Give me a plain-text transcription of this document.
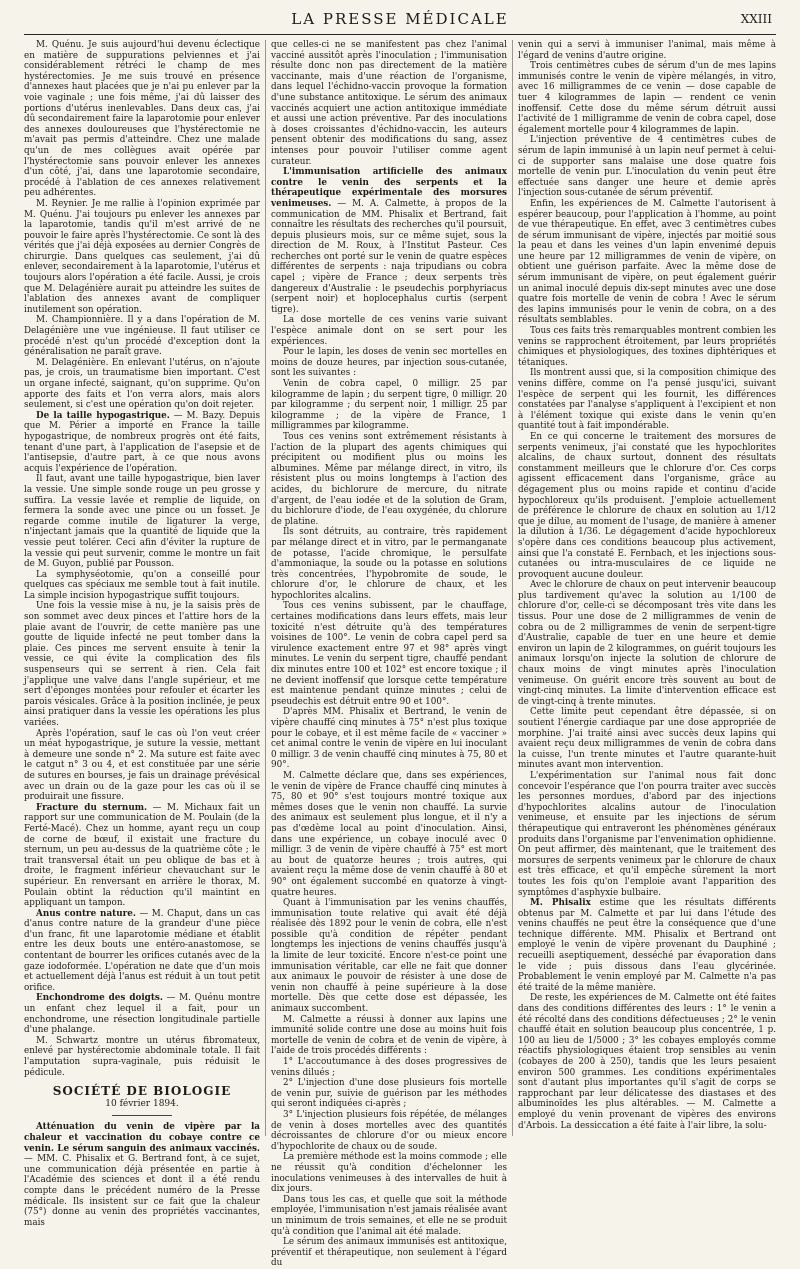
LA PRESSE MÉDICALE	XXIII

M. Quénu. Je suis aujourd'hui devenu éclectique en matière de suppurations pelviennes et j'ai considérablement rétréci le champ de mes hystérectomies. Je me suis trouvé en présence d'annexes haut placées que je n'ai pu enlever par la voie vaginale ; une fois même, j'ai dû laisser des portions d'utérus inenlevables. Dans deux cas, j'ai dû secondairement faire la laparotomie pour enlever des annexes douloureuses que l'hystérectomie ne m'avait pas permis d'atteindre. Chez une malade qu'un de mes collègues avait opérée par l'hystérectomie sans pouvoir enlever les annexes d'un côté, j'ai, dans une laparotomie secondaire, procédé à l'ablation de ces annexes relativement peu adhérentes.

M. Reynier. Je me rallie à l'opinion exprimée par M. Quénu. J'ai toujours pu enlever les annexes par la laparotomie, tandis qu'il m'est arrivé de ne pouvoir le faire après l'hystérectomie. Ce sont là des vérités que j'ai déjà exposées au dernier Congrès de chirurgie. Dans quelques cas seulement, j'ai dû enlever, secondairement à la laparotomie, l'utérus et toujours alors l'opération a été facile. Aussi, je crois que M. Delagénière aurait pu atteindre les suites de l'ablation des annexes avant de compliquer inutilement son opération.

M. Championnière. Il y a dans l'opération de M. Delagénière une vue ingénieuse. Il faut utiliser ce procédé n'est qu'un procédé d'exception dont la généralisation ne paraît grave.

M. Delagénière. En enlevant l'utérus, on n'ajoute pas, je crois, un traumatisme bien important. C'est un organe infecté, saignant, qu'on supprime. Qu'on apporte des faits et l'on verra alors, mais alors seulement, si c'est une opération qu'on doit rejeter.

De la taille hypogastrique. — M. Bazy. Depuis que M. Périer a importé en France la taille hypogastrique, de nombreux progrès ont été faits, tenant d'une part, à l'application de l'asepsie et de l'antisepsie, d'autre part, à ce que nous avons acquis l'expérience de l'opération.

Il faut, avant une taille hypogastrique, bien laver la vessie. Une simple sonde rouge un peu grosse y suffira. La vessie lavée et remplie de liquide, on fermera la sonde avec une pince ou un fosset. Je regarde comme inutile de ligaturer la verge, n'injectant jamais que la quantité de liquide que la vessie peut tolérer. Ceci afin d'éviter la rupture de la vessie qui peut survenir, comme le montre un fait de M. Guyon, publié par Pousson.

La symphyséotomie, qu'on a conseillé pour quelques cas spéciaux me semble tout à fait inutile. La simple incision hypogastrique suffit toujours.

Une fois la vessie mise à nu, je la saisis près de son sommet avec deux pinces et l'attire hors de la plaie avant de l'ouvrir, de cette manière pas une goutte de liquide infecté ne peut tomber dans la plaie. Ces pinces me servent ensuite à tenir la vessie, ce qui évite la complication des fils suspenseurs qui se serrent à rien. Cela fait j'applique une valve dans l'angle supérieur, et me sert d'éponges montées pour refouler et écarter les parois vésicales. Grâce à la position inclinée, je peux ainsi pratiquer dans la vessie les opérations les plus variées.

Après l'opération, sauf le cas où l'on veut créer un méat hypogastrique, je suture la vessie, mettant à demeure une sonde n° 2. Ma suture est faite avec le catgut n° 3 ou 4, et est constituée par une série de sutures en bourses, je fais un drainage prévésical avec un drain ou de la gaze pour les cas où il se produirait une fissure.

Fracture du sternum. — M. Michaux fait un rapport sur une communication de M. Poulain (de la Ferté-Macé). Chez un homme, ayant reçu un coup de corne de bœuf, il existait une fracture du sternum, un peu au-dessus de la quatrième côte ; le trait transversal était un peu oblique de bas et à droite, le fragment inférieur chevauchant sur le supérieur. En renversant en arrière le thorax, M. Poulain obtint la réduction qu'il maintint en appliquant un tampon.

Anus contre nature. — M. Chaput, dans un cas d'anus contre nature de la grandeur d'une pièce d'un franc, fit une laparotomie médiane et établit entre les deux bouts une entéro-anastomose, se contentant de bourrer les orifices cutanés avec de la gaze iodoformée. L'opération ne date que d'un mois et actuellement déjà l'anus est réduit à un tout petit orifice.

Enchondrome des doigts. — M. Quénu montre un enfant chez lequel il a fait, pour un enchondrome, une résection longitudinale partielle d'une phalange.

M. Schwartz montre un utérus fibromateux, enlevé par hystérectomie abdominale totale. Il fait l'amputation supra-vaginale, puis réduisit le pédicule.

SOCIÉTÉ DE BIOLOGIE
10 février 1894.

Atténuation du venin de vipère par la chaleur et vaccination du cobaye contre ce venin. Le sérum sanguin des animaux vaccinés. — MM. C. Phisalix et G. Bertrand font, à ce sujet, une communication déjà présentée en partie à l'Académie des sciences et dont il a été rendu compte dans le précédent numéro de la Presse médicale. Ils insistent sur ce fait que la chaleur (75°) donne au venin des propriétés vaccinantes, mais

que celles-ci ne se manifestent pas chez l'animal vacciné aussitôt après l'inoculation ; l'immunisation résulte donc non pas directement de la matière vaccinante, mais d'une réaction de l'organisme, dans lequel l'échidno-vaccin provoque la formation d'une substance antitoxique. Le sérum des animaux vaccinés acquiert une action antitoxique immédiate et aussi une action préventive. Par des inoculations à doses croissantes d'échidno-vaccin, les auteurs pensent obtenir des modifications du sang, assez intenses pour pouvoir l'utiliser comme agent curateur.

L'immunisation artificielle des animaux contre le venin des serpents et la thérapeutique expérimentale des morsures venimeuses. — M. A. Calmette, à propos de la communication de MM. Phisalix et Bertrand, fait connaître les résultats des recherches qu'il poursuit, depuis plusieurs mois, sur ce même sujet, sous la direction de M. Roux, à l'Institut Pasteur. Ces recherches ont porté sur le venin de quatre espèces différentes de serpents : naja tripudians ou cobra capel ; vipère de France ; deux serpents très dangereux d'Australie : le pseudechis porphyriacus (serpent noir) et hoplocephalus curtis (serpent tigre).

La dose mortelle de ces venins varie suivant l'espèce animale dont on se sert pour les expériences.

Pour le lapin, les doses de venin sec mortelles en moins de douze heures, par injection sous-cutanée, sont les suivantes :

Venin de cobra capel, 0 milligr. 25 par kilogramme de lapin ; du serpent tigre, 0 milligr. 20 par kilogramme ; du serpent noir, 1 milligr. 25 par kilogramme ; de la vipère de France, 1 milligrammes par kilogramme.

Tous ces venins sont extrêmement résistants à l'action de la plupart des agents chimiques qui précipitent ou modifient plus ou moins les albumines. Même par mélange direct, in vitro, ils résistent plus ou moins longtemps à l'action des acides, du bichlorure de mercure, du nitrate d'argent, de l'eau iodée et de la solution de Gram, du bichlorure d'iode, de l'eau oxygénée, du chlorure de platine.

Ils sont détruits, au contraire, très rapidement par mélange direct et in vitro, par le permanganate de potasse, l'acide chromique, le persulfate d'ammoniaque, la soude ou la potasse en solutions très concentrées, l'hypobromite de soude, le chlorure d'or, le chlorure de chaux, et les hypochlorites alcalins.

Tous ces venins subissent, par le chauffage, certaines modifications dans leurs effets, mais leur toxicité n'est détruite qu'à des températures voisines de 100°. Le venin de cobra capel perd sa virulence exactement entre 97 et 98° après vingt minutes. Le venin du serpent tigre, chauffé pendant dix minutes entre 100 et 102° est encore toxique ; il ne devient inoffensif que lorsque cette température est maintenue pendant quinze minutes ; celui de pseudechis est détruit entre 90 et 100°.

D'après MM. Phisalix et Bertrand, le venin de vipère chauffé cinq minutes à 75° n'est plus toxique pour le cobaye, et il est même facile de « vacciner » cet animal contre le venin de vipère en lui inoculant 0 milligr. 3 de venin chauffé cinq minutes à 75, 80 et 90°.

M. Calmette déclare que, dans ses expériences, le venin de vipère de France chauffé cinq minutes à 75, 80 et 90° s'est toujours montré toxique aux mêmes doses que le venin non chauffé. La survie des animaux est seulement plus longue, et il n'y a pas d'œdème local au point d'inoculation. Ainsi, dans une expérience, un cobaye inoculé avec 0 milligr. 3 de venin de vipère chauffé à 75° est mort au bout de quatorze heures ; trois autres, qui avaient reçu la même dose de venin chauffé à 80 et 90° ont également succombé en quatorze à vingt-quatre heures.

Quant à l'immunisation par les venins chauffés, immunisation toute relative qui avait été déjà réalisée dès 1892 pour le venin de cobra, elle n'est possible qu'à condition de répéter pendant longtemps les injections de venins chauffés jusqu'à la limite de leur toxicité. Encore n'est-ce point une immunisation véritable, car elle ne fait que donner aux animaux le pouvoir de résister à une dose de venin non chauffé à peine supérieure à la dose mortelle. Dès que cette dose est dépassée, les animaux succombent.

M. Calmette a réussi à donner aux lapins une immunité solide contre une dose au moins huit fois mortelle de venin de cobra et de venin de vipère, à l'aide de trois procédés différents :

1° L'accoutumance à des doses progressives de venins dilués ;

2° L'injection d'une dose plusieurs fois mortelle de venin pur, suivie de guérison par les méthodes qui seront indiquées ci-après ;

3° L'injection plusieurs fois répétée, de mélanges de venin à doses mortelles avec des quantités décroissantes de chlorure d'or ou mieux encore d'hypochlorite de chaux ou de soude.

La première méthode est la moins commode ; elle ne réussit qu'à condition d'échelonner les inoculations venimeuses à des intervalles de huit à dix jours.

Dans tous les cas, et quelle que soit la méthode employée, l'immunisation n'est jamais réalisée avant un minimum de trois semaines, et elle ne se produit qu'à condition que l'animal ait été malade.

Le sérum des animaux immunisés est antitoxique, préventif et thérapeutique, non seulement à l'égard du

venin qui a servi à immuniser l'animal, mais même à l'égard de venins d'autre origine.

Trois centimètres cubes de sérum d'un de mes lapins immunisés contre le venin de vipère mélangés, in vitro, avec 16 milligrammes de ce venin — dose capable de tuer 4 kilogrammes de lapin — rendent ce venin inoffensif. Cette dose du même sérum détruit aussi l'activité de 1 milligramme de venin de cobra capel, dose également mortelle pour 4 kilogrammes de lapin.

L'injection préventive de 4 centimètres cubes de sérum de lapin immunisé à un lapin neuf permet à celui-ci de supporter sans malaise une dose quatre fois mortelle de venin pur. L'inoculation du venin peut être effectuée sans danger une heure et demie après l'injection sous-cutanée de sérum préventif.

Enfin, les expériences de M. Calmette l'autorisent à espérer beaucoup, pour l'application à l'homme, au point de vue thérapeutique. En effet, avec 3 centimètres cubes de sérum immunisant de vipère, injectés par moitié sous la peau et dans les veines d'un lapin envenimé depuis une heure par 12 milligrammes de venin de vipère, on obtient une guérison parfaite. Avec la même dose de sérum immunisant de vipère, on peut également guérir un animal inoculé depuis dix-sept minutes avec une dose quatre fois mortelle de venin de cobra ! Avec le sérum des lapins immunisés pour le venin de cobra, on a des résultats semblables.

Tous ces faits très remarquables montrent combien les venins se rapprochent étroitement, par leurs propriétés chimiques et physiologiques, des toxines diphtériques et tétaniques.

Ils montrent aussi que, si la composition chimique des venins diffère, comme on l'a pensé jusqu'ici, suivant l'espèce de serpent qui les fournit, les différences constatées par l'analyse s'appliquent à l'excipient et non à l'élément toxique qui existe dans le venin qu'en quantité tout à fait impondérable.

En ce qui concerne le traitement des morsures de serpents venimeux, j'ai constaté que les hypochlorites alcalins, de chaux surtout, donnent des résultats constamment meilleurs que le chlorure d'or. Ces corps agissent efficacement dans l'organisme, grâce au dégagement plus ou moins rapide et continu d'acide hypochloreux qu'ils produisent. J'emploie actuellement de préférence le chlorure de chaux en solution au 1/12 que je dilue, au moment de l'usage, de manière à amener la dilution à 1/36. Le dégagement d'acide hypochloreux s'opère dans ces conditions beaucoup plus activement, ainsi que l'a constaté E. Fernbach, et les injections sous-cutanées ou intra-musculaires de ce liquide ne provoquent aucune douleur.

Avec le chlorure de chaux on peut intervenir beaucoup plus tardivement qu'avec la solution au 1/100 de chlorure d'or, celle-ci se décomposant très vite dans les tissus. Pour une dose de 2 milligrammes de venin de cobra ou de 2 milligrammes de venin de serpent-tigre d'Australie, capable de tuer en une heure et demie environ un lapin de 2 kilogrammes, on guérit toujours les animaux lorsqu'on injecte la solution de chlorure de chaux moins de vingt minutes après l'inoculation venimeuse. On guérit encore très souvent au bout de vingt-cinq minutes. La limite d'intervention efficace est de vingt-cinq à trente minutes.

Cette limite peut cependant être dépassée, si on soutient l'énergie cardiaque par une dose appropriée de morphine. J'ai traité ainsi avec succès deux lapins qui avaient reçu deux milligrammes de venin de cobra dans la cuisse, l'un trente minutes et l'autre quarante-huit minutes avant mon intervention.

L'expérimentation sur l'animal nous fait donc concevoir l'espérance que l'on pourra traiter avec succès les personnes mordues, d'abord par des injections d'hypochlorites alcalins autour de l'inoculation venimeuse, et ensuite par les injections de sérum thérapeutique qui entraveront les phénomènes généraux produits dans l'organisme par l'envenimation ophidienne. On peut affirmer, dès maintenant, que le traitement des morsures de serpents venimeux par le chlorure de chaux est très efficace, et qu'il empêche sûrement la mort toutes les fois qu'on l'emploie avant l'apparition des symptômes d'asphyxie bulbaire.

M. Phisalix estime que les résultats différents obtenus par M. Calmette et par lui dans l'étude des venins chauffés ne peut être la conséquence que d'une technique différente. MM. Phisalix et Bertrand ont employé le venin de vipère provenant du Dauphiné ; recueilli aseptiquement, desséché par évaporation dans le vide ; puis dissous dans l'eau glycérinée. Probablement le venin employé par M. Calmette n'a pas été traité de la même manière.

De reste, les expériences de M. Calmette ont été faites dans des conditions différentes des leurs : 1° le venin a été récolté dans des conditions défectueuses ; 2° le venin chauffé était en solution beaucoup plus concentrée, 1 p. 100 au lieu de 1/5000 ; 3° les cobayes employés comme réactifs physiologiques étaient trop sensibles au venin (cobayes de 200 à 250), tandis que les leurs pesaient environ 500 grammes. Les conditions expérimentales sont d'autant plus importantes qu'il s'agit de corps se rapprochant par leur délicatesse des diastases et des albuminoïdes les plus altérables. — M. Calmette a employé du venin provenant de vipères des environs d'Arbois. La dessiccation a été faite à l'air libre, la solu-
